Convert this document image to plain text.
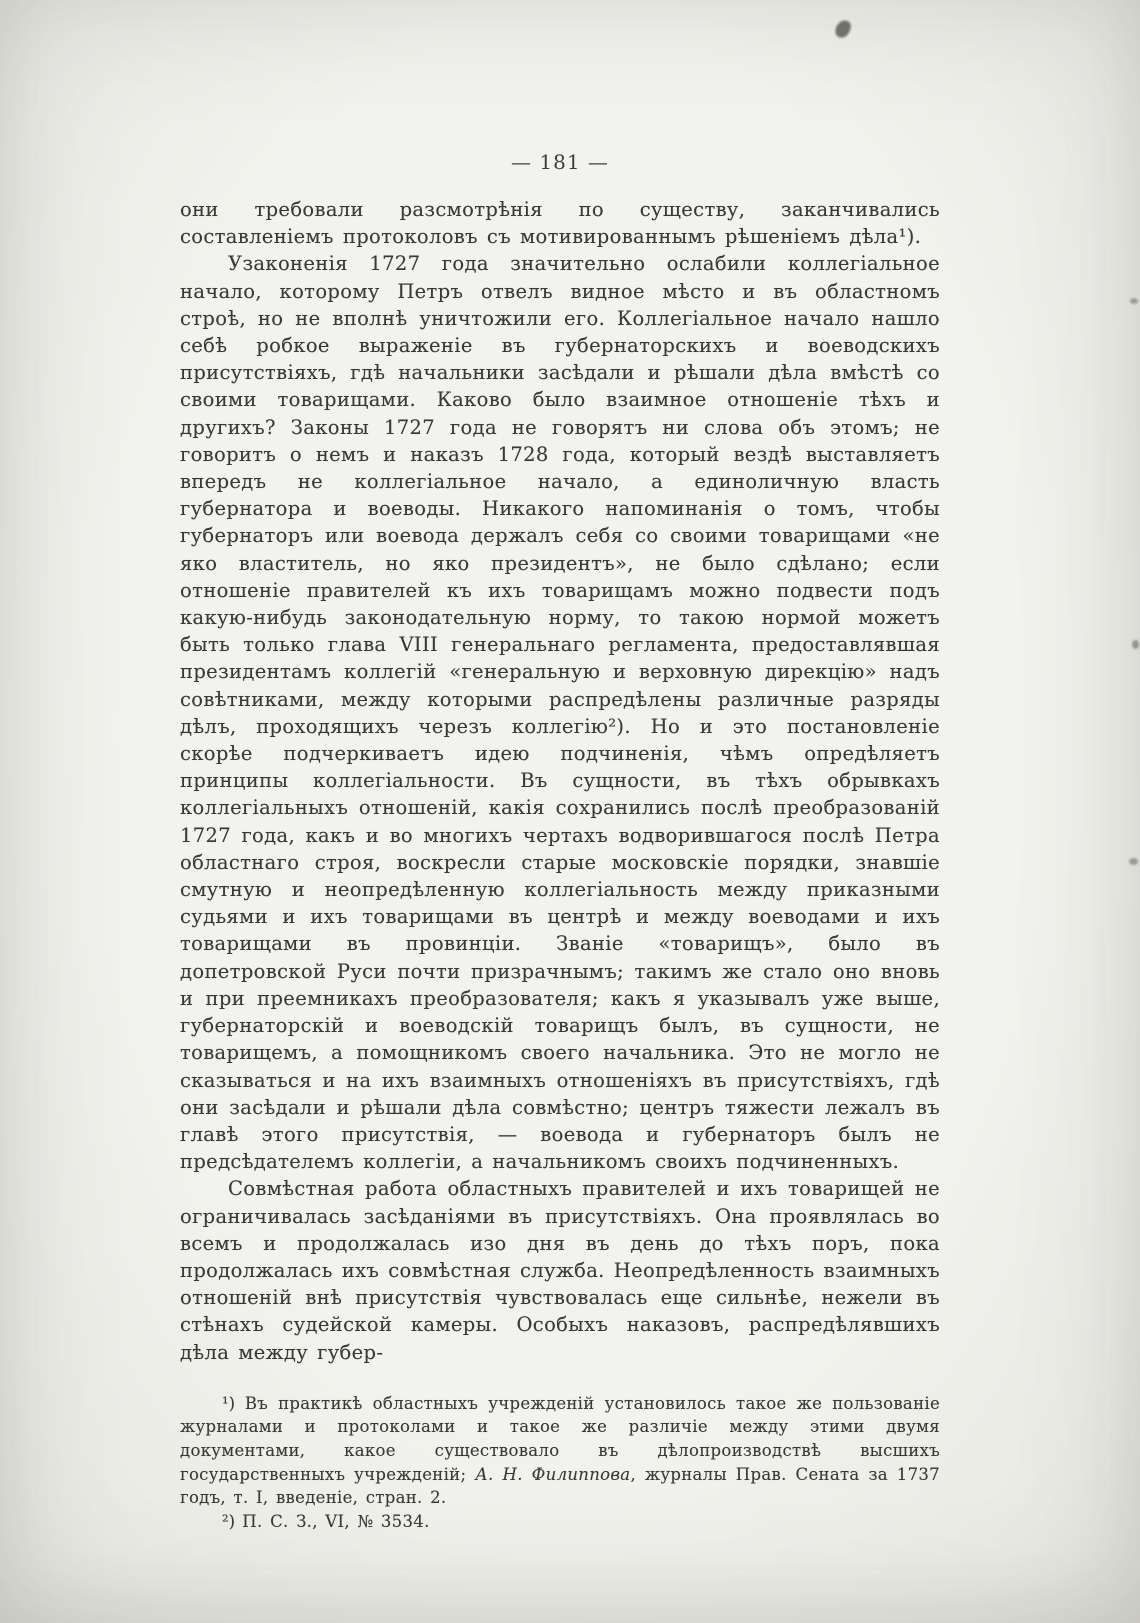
— 181 —

они требовали разсмотрѣнія по существу, заканчивались составленіемъ протоколовъ съ мотивированнымъ рѣшеніемъ дѣла¹).

Узаконенія 1727 года значительно ослабили коллегіальное начало, которому Петръ отвелъ видное мѣсто и въ областномъ строѣ, но не вполнѣ уничтожили его. Коллегіальное начало нашло себѣ робкое выраженіе въ губернаторскихъ и воеводскихъ присутствіяхъ, гдѣ начальники засѣдали и рѣшали дѣла вмѣстѣ со своими товарищами. Каково было взаимное отношеніе тѣхъ и другихъ? Законы 1727 года не говорятъ ни слова объ этомъ; не говоритъ о немъ и наказъ 1728 года, который вездѣ выставляетъ впередъ не коллегіальное начало, а единоличную власть губернатора и воеводы. Никакого напоминанія о томъ, чтобы губернаторъ или воевода держалъ себя со своими товарищами «не яко властитель, но яко президентъ», не было сдѣлано; если отношеніе правителей къ ихъ товарищамъ можно подвести подъ какую-нибудь законодательную норму, то такою нормой можетъ быть только глава VIII генеральнаго регламента, предоставлявшая президентамъ коллегій «генеральную и верховную дирекцію» надъ совѣтниками, между которыми распредѣлены различные разряды дѣлъ, проходящихъ черезъ коллегію²). Но и это постановленіе скорѣе подчеркиваетъ идею подчиненія, чѣмъ опредѣляетъ принципы коллегіальности. Въ сущности, въ тѣхъ обрывкахъ коллегіальныхъ отношеній, какія сохранились послѣ преобразованій 1727 года, какъ и во многихъ чертахъ водворившагося послѣ Петра областнаго строя, воскресли старые московскіе порядки, знавшіе смутную и неопредѣленную коллегіальность между приказными судьями и ихъ товарищами въ центрѣ и между воеводами и ихъ товарищами въ провинціи. Званіе «товарищъ», было въ допетровской Руси почти призрачнымъ; такимъ же стало оно вновь и при преемникахъ преобразователя; какъ я указывалъ уже выше, губернаторскій и воеводскій товарищъ былъ, въ сущности, не товарищемъ, а помощникомъ своего начальника. Это не могло не сказываться и на ихъ взаимныхъ отношеніяхъ въ присутствіяхъ, гдѣ они засѣдали и рѣшали дѣла совмѣстно; центръ тяжести лежалъ въ главѣ этого присутствія, — воевода и губернаторъ былъ не предсѣдателемъ коллегіи, а начальникомъ своихъ подчиненныхъ.

Совмѣстная работа областныхъ правителей и ихъ товарищей не ограничивалась засѣданіями въ присутствіяхъ. Она проявлялась во всемъ и продолжалась изо дня въ день до тѣхъ поръ, пока продолжалась ихъ совмѣстная служба. Неопредѣленность взаимныхъ отношеній внѣ присутствія чувствовалась еще сильнѣе, нежели въ стѣнахъ судейской камеры. Особыхъ наказовъ, распредѣлявшихъ дѣла между губер-

¹) Въ практикѣ областныхъ учрежденій установилось такое же пользованіе журналами и протоколами и такое же различіе между этими двумя документами, какое существовало въ дѣлопроизводствѣ высшихъ государственныхъ учрежденій; А. Н. Филиппова, журналы Прав. Сената за 1737 годъ, т. I, введеніе, стран. 2.

²) П. С. З., VI, № 3534.
